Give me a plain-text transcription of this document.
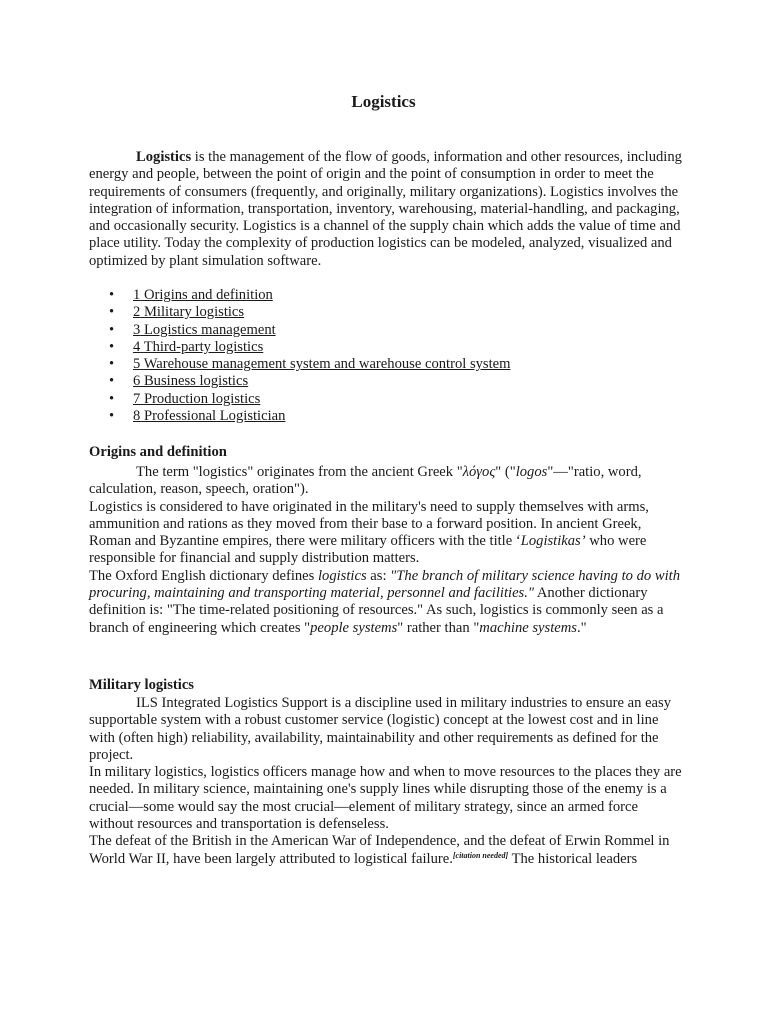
Logistics

Logistics is the management of the flow of goods, information and other resources, including energy and people, between the point of origin and the point of consumption in order to meet the requirements of consumers (frequently, and originally, military organizations). Logistics involves the integration of information, transportation, inventory, warehousing, material-handling, and packaging, and occasionally security. Logistics is a channel of the supply chain which adds the value of time and place utility. Today the complexity of production logistics can be modeled, analyzed, visualized and optimized by plant simulation software.

• 1 Origins and definition
• 2 Military logistics
• 3 Logistics management
• 4 Third-party logistics
• 5 Warehouse management system and warehouse control system
• 6 Business logistics
• 7 Production logistics
• 8 Professional Logistician
Origins and definition

The term "logistics" originates from the ancient Greek "λόγος" ("logos"—"ratio, word, calculation, reason, speech, oration").

Logistics is considered to have originated in the military's need to supply themselves with arms, ammunition and rations as they moved from their base to a forward position. In ancient Greek, Roman and Byzantine empires, there were military officers with the title ‘Logistikas’ who were responsible for financial and supply distribution matters.

The Oxford English dictionary defines logistics as: "The branch of military science having to do with procuring, maintaining and transporting material, personnel and facilities." Another dictionary definition is: "The time-related positioning of resources." As such, logistics is commonly seen as a branch of engineering which creates "people systems" rather than "machine systems."

Military logistics

ILS Integrated Logistics Support is a discipline used in military industries to ensure an easy supportable system with a robust customer service (logistic) concept at the lowest cost and in line with (often high) reliability, availability, maintainability and other requirements as defined for the project.

In military logistics, logistics officers manage how and when to move resources to the places they are needed. In military science, maintaining one's supply lines while disrupting those of the enemy is a crucial—some would say the most crucial—element of military strategy, since an armed force without resources and transportation is defenseless.

The defeat of the British in the American War of Independence, and the defeat of Erwin Rommel in World War II, have been largely attributed to logistical failure.[citation needed] The historical leaders
